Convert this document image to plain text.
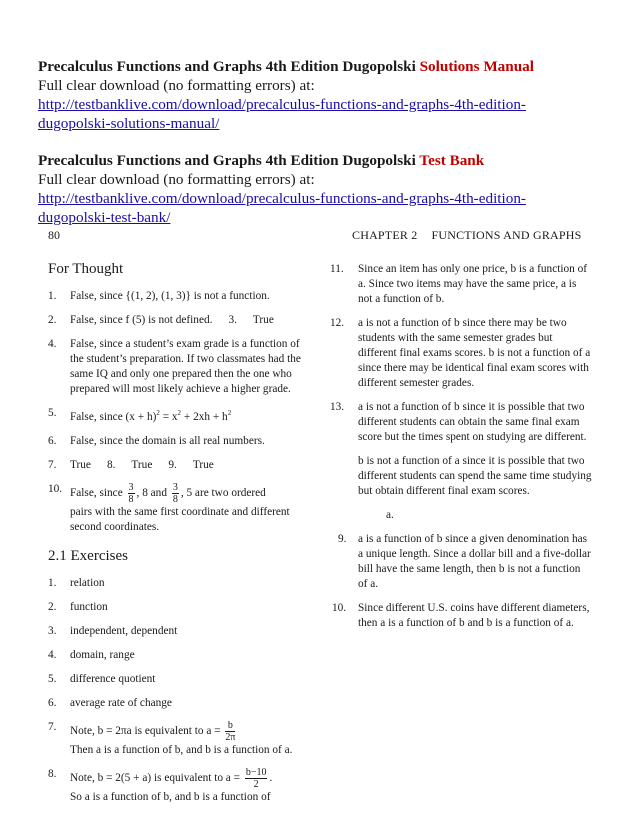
Precalculus Functions and Graphs 4th Edition Dugopolski Solutions Manual
Full clear download (no formatting errors) at:
http://testbanklive.com/download/precalculus-functions-and-graphs-4th-edition-
dugopolski-solutions-manual/
Precalculus Functions and Graphs 4th Edition Dugopolski Test Bank
Full clear download (no formatting errors) at:
http://testbanklive.com/download/precalculus-functions-and-graphs-4th-edition-
dugopolski-test-bank/
80	CHAPTER 2 FUNCTIONS AND GRAPHS
For Thought
1. False, since {(1, 2), (1, 3)} is not a function.
2. False, since f (5) is not defined. 3. True
4. False, since a student’s exam grade is a function of the student’s preparation. If two classmates had the same IQ and only one prepared then the one who prepared will most likely achieve a higher grade.
5. False, since $(x + h)^2 = x^2 + 2xh + h^2$
6. False, since the domain is all real numbers.
7. True 8. True 9. True
10. False, since $\frac{3}{8}$ , 8 and $\frac{3}{8}$ , 5 are two ordered
pairs with the same first coordinate and different second coordinates.
2.1 Exercises
1. relation
2. function
3. independent, dependent
4. domain, range
5. difference quotient
6. average rate of change
7. Note, b = 2πa is equivalent to $a = \frac{b}{2\pi}$
Then a is a function of b, and b is a function of a.
8. Note, b = 2(5 + a) is equivalent to $a = \frac{b-10}{2}$ .
So a is a function of b, and b is a function of
11. Since an item has only one price, b is a function of a. Since two items may have the same price, a is not a function of b.
12. a is not a function of b since there may be two students with the same semester grades but different final exams scores. b is not a function of a since there may be identical final exam scores with different semester grades.
13. a is not a function of b since it is possible that two different students can obtain the same final exam score but the times spent on studying are different.
b is not a function of a since it is possible that two different students can spend the same time studying but obtain different final exam scores.
a.
9. a is a function of b since a given denomination has a unique length. Since a dollar bill and a five-dollar bill have the same length, then b is not a function of a.
10. Since different U.S. coins have different diameters, then a is a function of b and b is a function of a.
